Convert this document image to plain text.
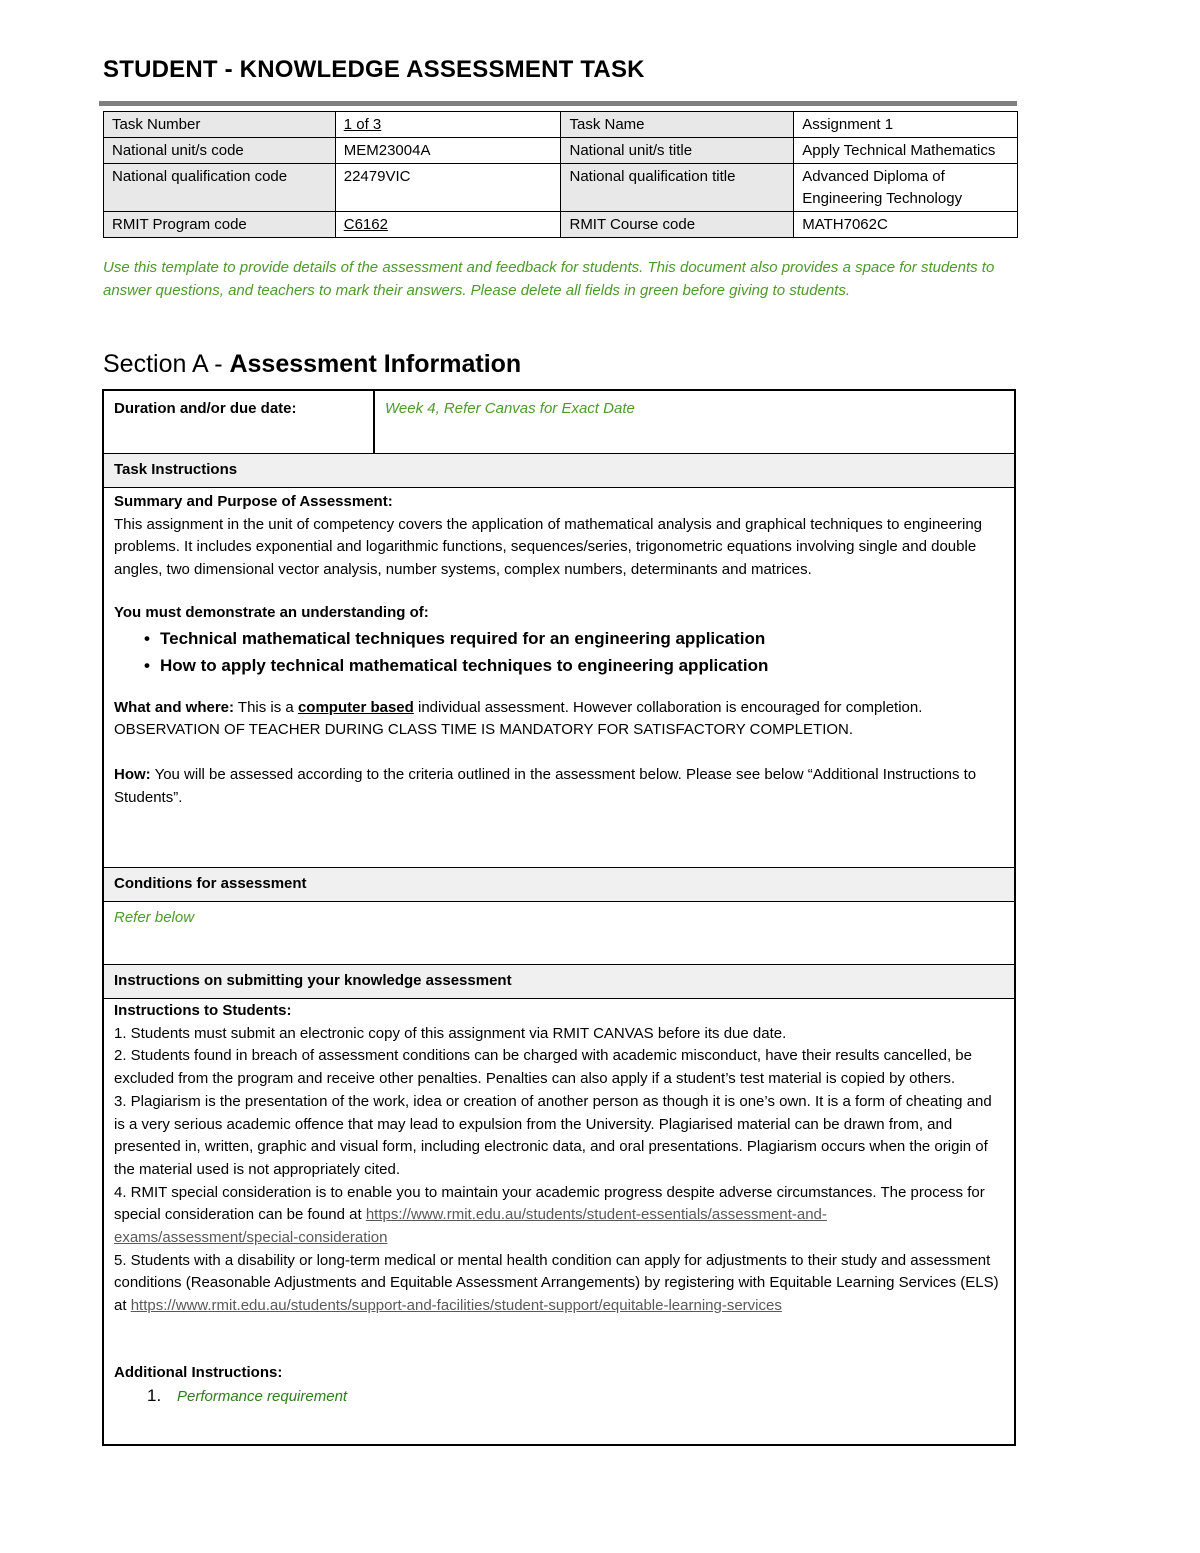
STUDENT - KNOWLEDGE ASSESSMENT TASK
Task Number	1 of 3	Task Name	Assignment 1
National unit/s code	MEM23004A	National unit/s title	Apply Technical Mathematics
National qualification code	22479VIC	National qualification title	Advanced Diploma of Engineering Technology
RMIT Program code	C6162	RMIT Course code	MATH7062C

Use this template to provide details of the assessment and feedback for students. This document also provides a space for students to answer questions, and teachers to mark their answers. Please delete all fields in green before giving to students.

Section A - Assessment Information
Duration and/or due date:	Week 4, Refer Canvas for Exact Date
Task Instructions

Summary and Purpose of Assessment:

This assignment in the unit of competency covers the application of mathematical analysis and graphical techniques to engineering problems. It includes exponential and logarithmic functions, sequences/series, trigonometric equations involving single and double angles, two dimensional vector analysis, number systems, complex numbers, determinants and matrices.

You must demonstrate an understanding of:

• Technical mathematical techniques required for an engineering application
• How to apply technical mathematical techniques to engineering application

What and where: This is a computer based individual assessment. However collaboration is encouraged for completion. OBSERVATION OF TEACHER DURING CLASS TIME IS MANDATORY FOR SATISFACTORY COMPLETION.

How: You will be assessed according to the criteria outlined in the assessment below. Please see below “Additional Instructions to Students”.

Conditions for assessment
Refer below
Instructions on submitting your knowledge assessment

Instructions to Students:

1. Students must submit an electronic copy of this assignment via RMIT CANVAS before its due date.

2. Students found in breach of assessment conditions can be charged with academic misconduct, have their results cancelled, be excluded from the program and receive other penalties. Penalties can also apply if a student’s test material is copied by others.

3. Plagiarism is the presentation of the work, idea or creation of another person as though it is one’s own. It is a form of cheating and is a very serious academic offence that may lead to expulsion from the University. Plagiarised material can be drawn from, and presented in, written, graphic and visual form, including electronic data, and oral presentations. Plagiarism occurs when the origin of the material used is not appropriately cited.

4. RMIT special consideration is to enable you to maintain your academic progress despite adverse circumstances. The process for special consideration can be found at https://www.rmit.edu.au/students/student-essentials/assessment-and-exams/assessment/special-consideration

5. Students with a disability or long-term medical or mental health condition can apply for adjustments to their study and assessment conditions (Reasonable Adjustments and Equitable Assessment Arrangements) by registering with Equitable Learning Services (ELS) at https://www.rmit.edu.au/students/support-and-facilities/student-support/equitable-learning-services

Additional Instructions:

1. Performance requirement
